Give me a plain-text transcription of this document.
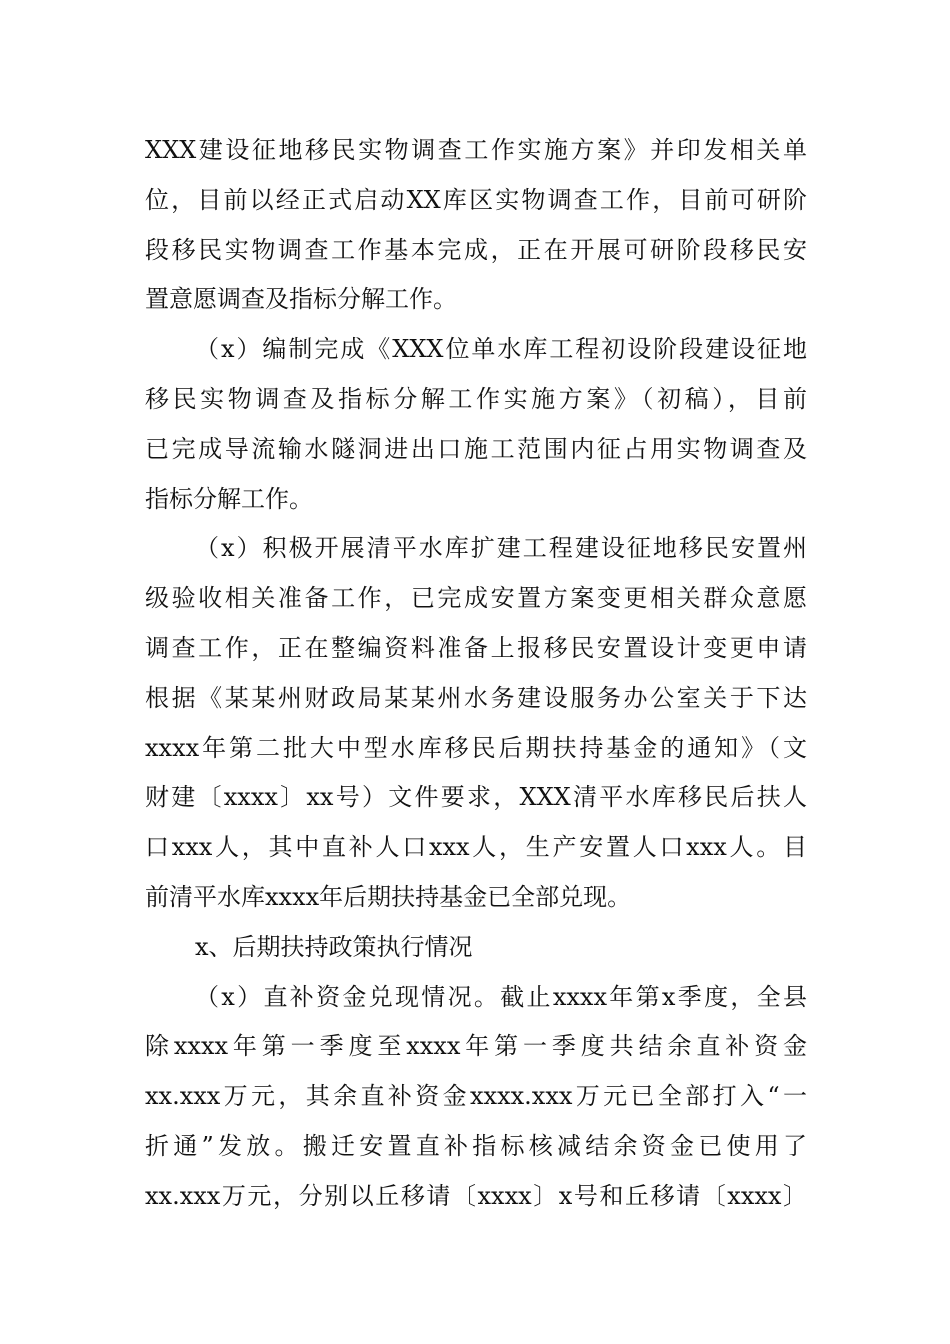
XXX建设征地移民实物调查工作实施方案》并印发相关单
位，目前以经正式启动XX库区实物调查工作，目前可研阶
段移民实物调查工作基本完成，正在开展可研阶段移民安
置意愿调查及指标分解工作。
（x）编制完成《XXX位单水库工程初设阶段建设征地
移民实物调查及指标分解工作实施方案》（初稿），目前
已完成导流输水隧洞进出口施工范围内征占用实物调查及
指标分解工作。
（x）积极开展清平水库扩建工程建设征地移民安置州
级验收相关准备工作，已完成安置方案变更相关群众意愿
调查工作，正在整编资料准备上报移民安置设计变更申请
根据《某某州财政局某某州水务建设服务办公室关于下达
xxxx年第二批大中型水库移民后期扶持基金的通知》（文
财建〔xxxx〕xx号）文件要求，XXX清平水库移民后扶人
口xxx人，其中直补人口xxx人，生产安置人口xxx人。目
前清平水库xxxx年后期扶持基金已全部兑现。
x、后期扶持政策执行情况
（x）直补资金兑现情况。截止xxxx年第x季度，全县
除xxxx年第一季度至xxxx年第一季度共结余直补资金
xx.xxx万元，其余直补资金xxxx.xxx万元已全部打入“一
折通”发放。搬迁安置直补指标核减结余资金已使用了
xx.xxx万元，分别以丘移请〔xxxx〕x号和丘移请〔xxxx〕
